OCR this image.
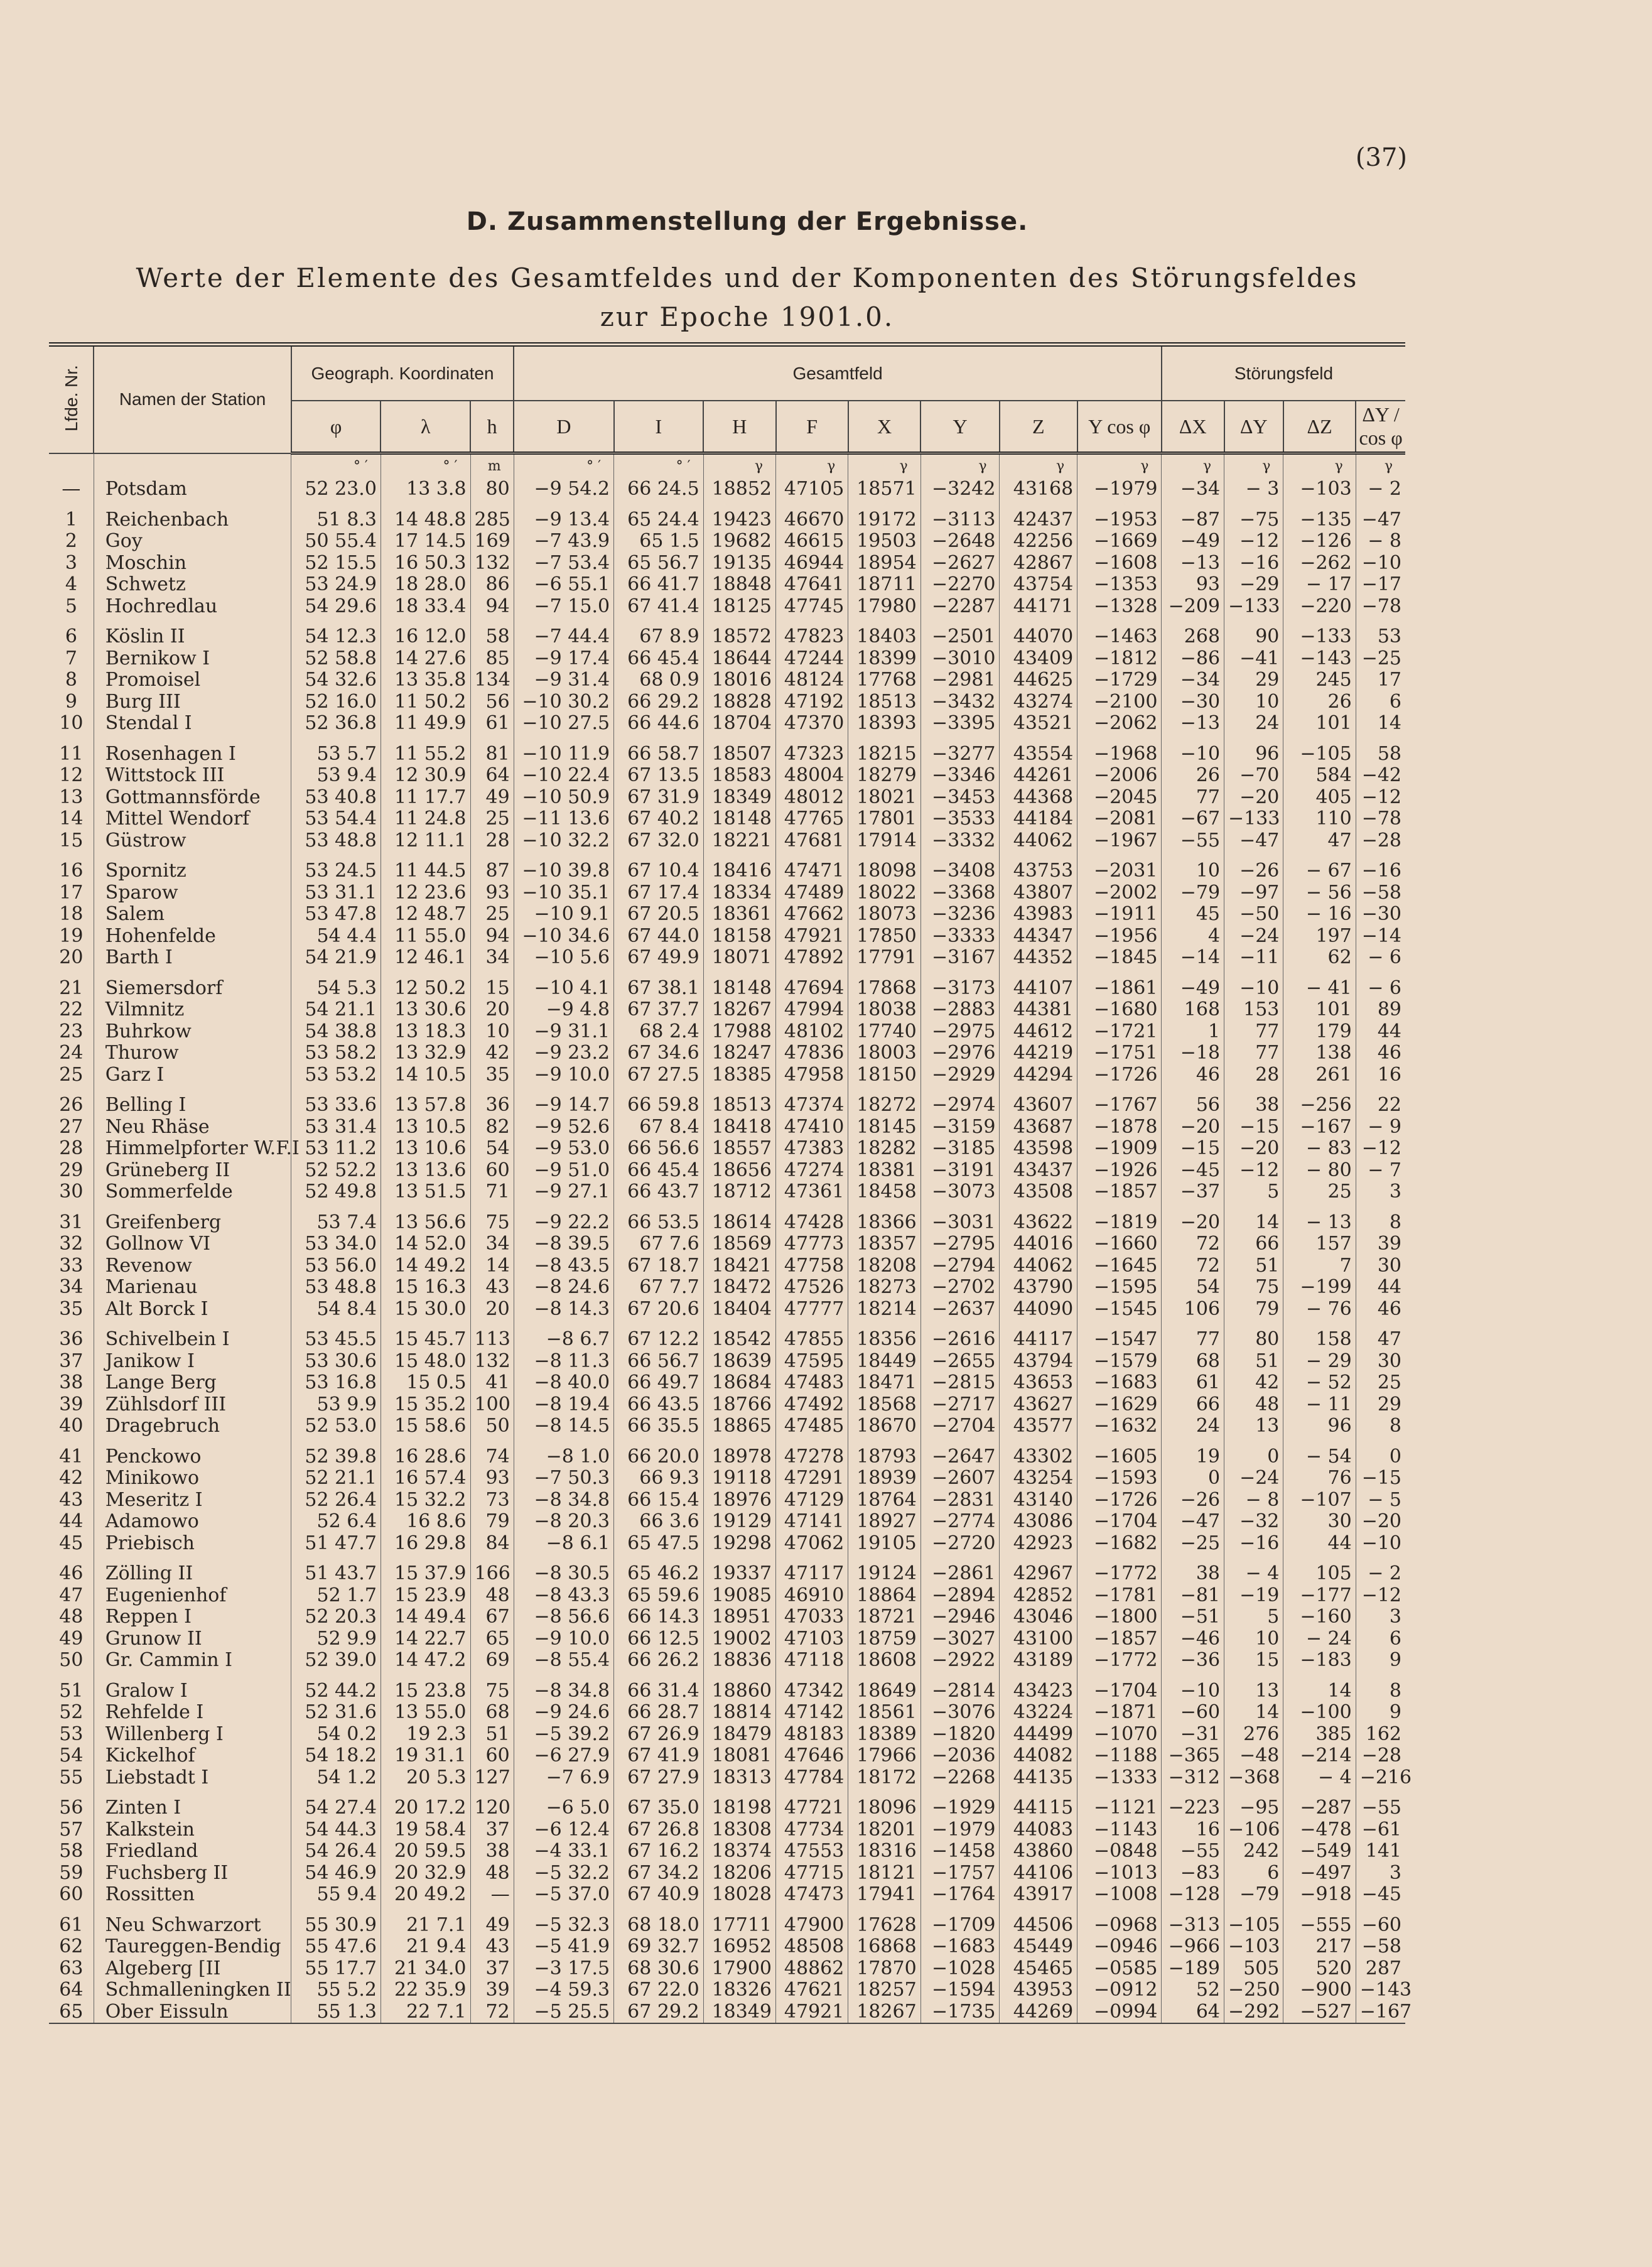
(37)
D. Zusammenstellung der Ergebnisse.
Werte der Elemente des Gesamtfeldes und der Komponenten des Störungsfeldes
zur Epoche 1901.0.
Lfde. Nr.	Namen der Station	Geograph. Koordinaten			Gesamtfeld								Störungsfeld			
		φ	λ	h	D	I	H	F	X	Y	Z	Y cos φ	ΔX	ΔY	ΔZ	ΔY / cos φ
		° ′	° ′	m	° ′	° ′	γ	γ	γ	γ	γ	γ	γ	γ	γ	γ
—	Potsdam	52 23.0	13 3.8	80	−9 54.2	66 24.5	18852	47105	18571	−3242	43168	−1979	−34	− 3	−103	− 2

1	Reichenbach	51 8.3	14 48.8	285	−9 13.4	65 24.4	19423	46670	19172	−3113	42437	−1953	−87	−75	−135	−47
2	Goy	50 55.4	17 14.5	169	−7 43.9	65 1.5	19682	46615	19503	−2648	42256	−1669	−49	−12	−126	− 8
3	Moschin	52 15.5	16 50.3	132	−7 53.4	65 56.7	19135	46944	18954	−2627	42867	−1608	−13	−16	−262	−10
4	Schwetz	53 24.9	18 28.0	86	−6 55.1	66 41.7	18848	47641	18711	−2270	43754	−1353	93	−29	− 17	−17
5	Hochredlau	54 29.6	18 33.4	94	−7 15.0	67 41.4	18125	47745	17980	−2287	44171	−1328	−209	−133	−220	−78

6	Köslin II	54 12.3	16 12.0	58	−7 44.4	67 8.9	18572	47823	18403	−2501	44070	−1463	268	90	−133	53
7	Bernikow I	52 58.8	14 27.6	85	−9 17.4	66 45.4	18644	47244	18399	−3010	43409	−1812	−86	−41	−143	−25
8	Promoisel	54 32.6	13 35.8	134	−9 31.4	68 0.9	18016	48124	17768	−2981	44625	−1729	−34	29	245	17
9	Burg III	52 16.0	11 50.2	56	−10 30.2	66 29.2	18828	47192	18513	−3432	43274	−2100	−30	10	26	6
10	Stendal I	52 36.8	11 49.9	61	−10 27.5	66 44.6	18704	47370	18393	−3395	43521	−2062	−13	24	101	14

11	Rosenhagen I	53 5.7	11 55.2	81	−10 11.9	66 58.7	18507	47323	18215	−3277	43554	−1968	−10	96	−105	58
12	Wittstock III	53 9.4	12 30.9	64	−10 22.4	67 13.5	18583	48004	18279	−3346	44261	−2006	26	−70	584	−42
13	Gottmannsförde	53 40.8	11 17.7	49	−10 50.9	67 31.9	18349	48012	18021	−3453	44368	−2045	77	−20	405	−12
14	Mittel Wendorf	53 54.4	11 24.8	25	−11 13.6	67 40.2	18148	47765	17801	−3533	44184	−2081	−67	−133	110	−78
15	Güstrow	53 48.8	12 11.1	28	−10 32.2	67 32.0	18221	47681	17914	−3332	44062	−1967	−55	−47	47	−28

16	Spornitz	53 24.5	11 44.5	87	−10 39.8	67 10.4	18416	47471	18098	−3408	43753	−2031	10	−26	− 67	−16
17	Sparow	53 31.1	12 23.6	93	−10 35.1	67 17.4	18334	47489	18022	−3368	43807	−2002	−79	−97	− 56	−58
18	Salem	53 47.8	12 48.7	25	−10 9.1	67 20.5	18361	47662	18073	−3236	43983	−1911	45	−50	− 16	−30
19	Hohenfelde	54 4.4	11 55.0	94	−10 34.6	67 44.0	18158	47921	17850	−3333	44347	−1956	4	−24	197	−14
20	Barth I	54 21.9	12 46.1	34	−10 5.6	67 49.9	18071	47892	17791	−3167	44352	−1845	−14	−11	62	− 6

21	Siemersdorf	54 5.3	12 50.2	15	−10 4.1	67 38.1	18148	47694	17868	−3173	44107	−1861	−49	−10	− 41	− 6
22	Vilmnitz	54 21.1	13 30.6	20	−9 4.8	67 37.7	18267	47994	18038	−2883	44381	−1680	168	153	101	89
23	Buhrkow	54 38.8	13 18.3	10	−9 31.1	68 2.4	17988	48102	17740	−2975	44612	−1721	1	77	179	44
24	Thurow	53 58.2	13 32.9	42	−9 23.2	67 34.6	18247	47836	18003	−2976	44219	−1751	−18	77	138	46
25	Garz I	53 53.2	14 10.5	35	−9 10.0	67 27.5	18385	47958	18150	−2929	44294	−1726	46	28	261	16

26	Belling I	53 33.6	13 57.8	36	−9 14.7	66 59.8	18513	47374	18272	−2974	43607	−1767	56	38	−256	22
27	Neu Rhäse	53 31.4	13 10.5	82	−9 52.6	67 8.4	18418	47410	18145	−3159	43687	−1878	−20	−15	−167	− 9
28	Himmelpforter W.F.I	53 11.2	13 10.6	54	−9 53.0	66 56.6	18557	47383	18282	−3185	43598	−1909	−15	−20	− 83	−12
29	Grüneberg II	52 52.2	13 13.6	60	−9 51.0	66 45.4	18656	47274	18381	−3191	43437	−1926	−45	−12	− 80	− 7
30	Sommerfelde	52 49.8	13 51.5	71	−9 27.1	66 43.7	18712	47361	18458	−3073	43508	−1857	−37	5	25	3

31	Greifenberg	53 7.4	13 56.6	75	−9 22.2	66 53.5	18614	47428	18366	−3031	43622	−1819	−20	14	− 13	8
32	Gollnow VI	53 34.0	14 52.0	34	−8 39.5	67 7.6	18569	47773	18357	−2795	44016	−1660	72	66	157	39
33	Revenow	53 56.0	14 49.2	14	−8 43.5	67 18.7	18421	47758	18208	−2794	44062	−1645	72	51	7	30
34	Marienau	53 48.8	15 16.3	43	−8 24.6	67 7.7	18472	47526	18273	−2702	43790	−1595	54	75	−199	44
35	Alt Borck I	54 8.4	15 30.0	20	−8 14.3	67 20.6	18404	47777	18214	−2637	44090	−1545	106	79	− 76	46

36	Schivelbein I	53 45.5	15 45.7	113	−8 6.7	67 12.2	18542	47855	18356	−2616	44117	−1547	77	80	158	47
37	Janikow I	53 30.6	15 48.0	132	−8 11.3	66 56.7	18639	47595	18449	−2655	43794	−1579	68	51	− 29	30
38	Lange Berg	53 16.8	15 0.5	41	−8 40.0	66 49.7	18684	47483	18471	−2815	43653	−1683	61	42	− 52	25
39	Zühlsdorf III	53 9.9	15 35.2	100	−8 19.4	66 43.5	18766	47492	18568	−2717	43627	−1629	66	48	− 11	29
40	Dragebruch	52 53.0	15 58.6	50	−8 14.5	66 35.5	18865	47485	18670	−2704	43577	−1632	24	13	96	8

41	Penckowo	52 39.8	16 28.6	74	−8 1.0	66 20.0	18978	47278	18793	−2647	43302	−1605	19	0	− 54	0
42	Minikowo	52 21.1	16 57.4	93	−7 50.3	66 9.3	19118	47291	18939	−2607	43254	−1593	0	−24	76	−15
43	Meseritz I	52 26.4	15 32.2	73	−8 34.8	66 15.4	18976	47129	18764	−2831	43140	−1726	−26	− 8	−107	− 5
44	Adamowo	52 6.4	16 8.6	79	−8 20.3	66 3.6	19129	47141	18927	−2774	43086	−1704	−47	−32	30	−20
45	Priebisch	51 47.7	16 29.8	84	−8 6.1	65 47.5	19298	47062	19105	−2720	42923	−1682	−25	−16	44	−10

46	Zölling II	51 43.7	15 37.9	166	−8 30.5	65 46.2	19337	47117	19124	−2861	42967	−1772	38	− 4	105	− 2
47	Eugenienhof	52 1.7	15 23.9	48	−8 43.3	65 59.6	19085	46910	18864	−2894	42852	−1781	−81	−19	−177	−12
48	Reppen I	52 20.3	14 49.4	67	−8 56.6	66 14.3	18951	47033	18721	−2946	43046	−1800	−51	5	−160	3
49	Grunow II	52 9.9	14 22.7	65	−9 10.0	66 12.5	19002	47103	18759	−3027	43100	−1857	−46	10	− 24	6
50	Gr. Cammin I	52 39.0	14 47.2	69	−8 55.4	66 26.2	18836	47118	18608	−2922	43189	−1772	−36	15	−183	9

51	Gralow I	52 44.2	15 23.8	75	−8 34.8	66 31.4	18860	47342	18649	−2814	43423	−1704	−10	13	14	8
52	Rehfelde I	52 31.6	13 55.0	68	−9 24.6	66 28.7	18814	47142	18561	−3076	43224	−1871	−60	14	−100	9
53	Willenberg I	54 0.2	19 2.3	51	−5 39.2	67 26.9	18479	48183	18389	−1820	44499	−1070	−31	276	385	162
54	Kickelhof	54 18.2	19 31.1	60	−6 27.9	67 41.9	18081	47646	17966	−2036	44082	−1188	−365	−48	−214	−28
55	Liebstadt I	54 1.2	20 5.3	127	−7 6.9	67 27.9	18313	47784	18172	−2268	44135	−1333	−312	−368	− 4	−216

56	Zinten I	54 27.4	20 17.2	120	−6 5.0	67 35.0	18198	47721	18096	−1929	44115	−1121	−223	−95	−287	−55
57	Kalkstein	54 44.3	19 58.4	37	−6 12.4	67 26.8	18308	47734	18201	−1979	44083	−1143	16	−106	−478	−61
58	Friedland	54 26.4	20 59.5	38	−4 33.1	67 16.2	18374	47553	18316	−1458	43860	−0848	−55	242	−549	141
59	Fuchsberg II	54 46.9	20 32.9	48	−5 32.2	67 34.2	18206	47715	18121	−1757	44106	−1013	−83	6	−497	3
60	Rossitten	55 9.4	20 49.2	—	−5 37.0	67 40.9	18028	47473	17941	−1764	43917	−1008	−128	−79	−918	−45

61	Neu Schwarzort	55 30.9	21 7.1	49	−5 32.3	68 18.0	17711	47900	17628	−1709	44506	−0968	−313	−105	−555	−60
62	Taureggen-Bendig	55 47.6	21 9.4	43	−5 41.9	69 32.7	16952	48508	16868	−1683	45449	−0946	−966	−103	217	−58
63	Algeberg [II	55 17.7	21 34.0	37	−3 17.5	68 30.6	17900	48862	17870	−1028	45465	−0585	−189	505	520	287
64	Schmalleningken II	55 5.2	22 35.9	39	−4 59.3	67 22.0	18326	47621	18257	−1594	43953	−0912	52	−250	−900	−143
65	Ober Eissuln	55 1.3	22 7.1	72	−5 25.5	67 29.2	18349	47921	18267	−1735	44269	−0994	64	−292	−527	−167
